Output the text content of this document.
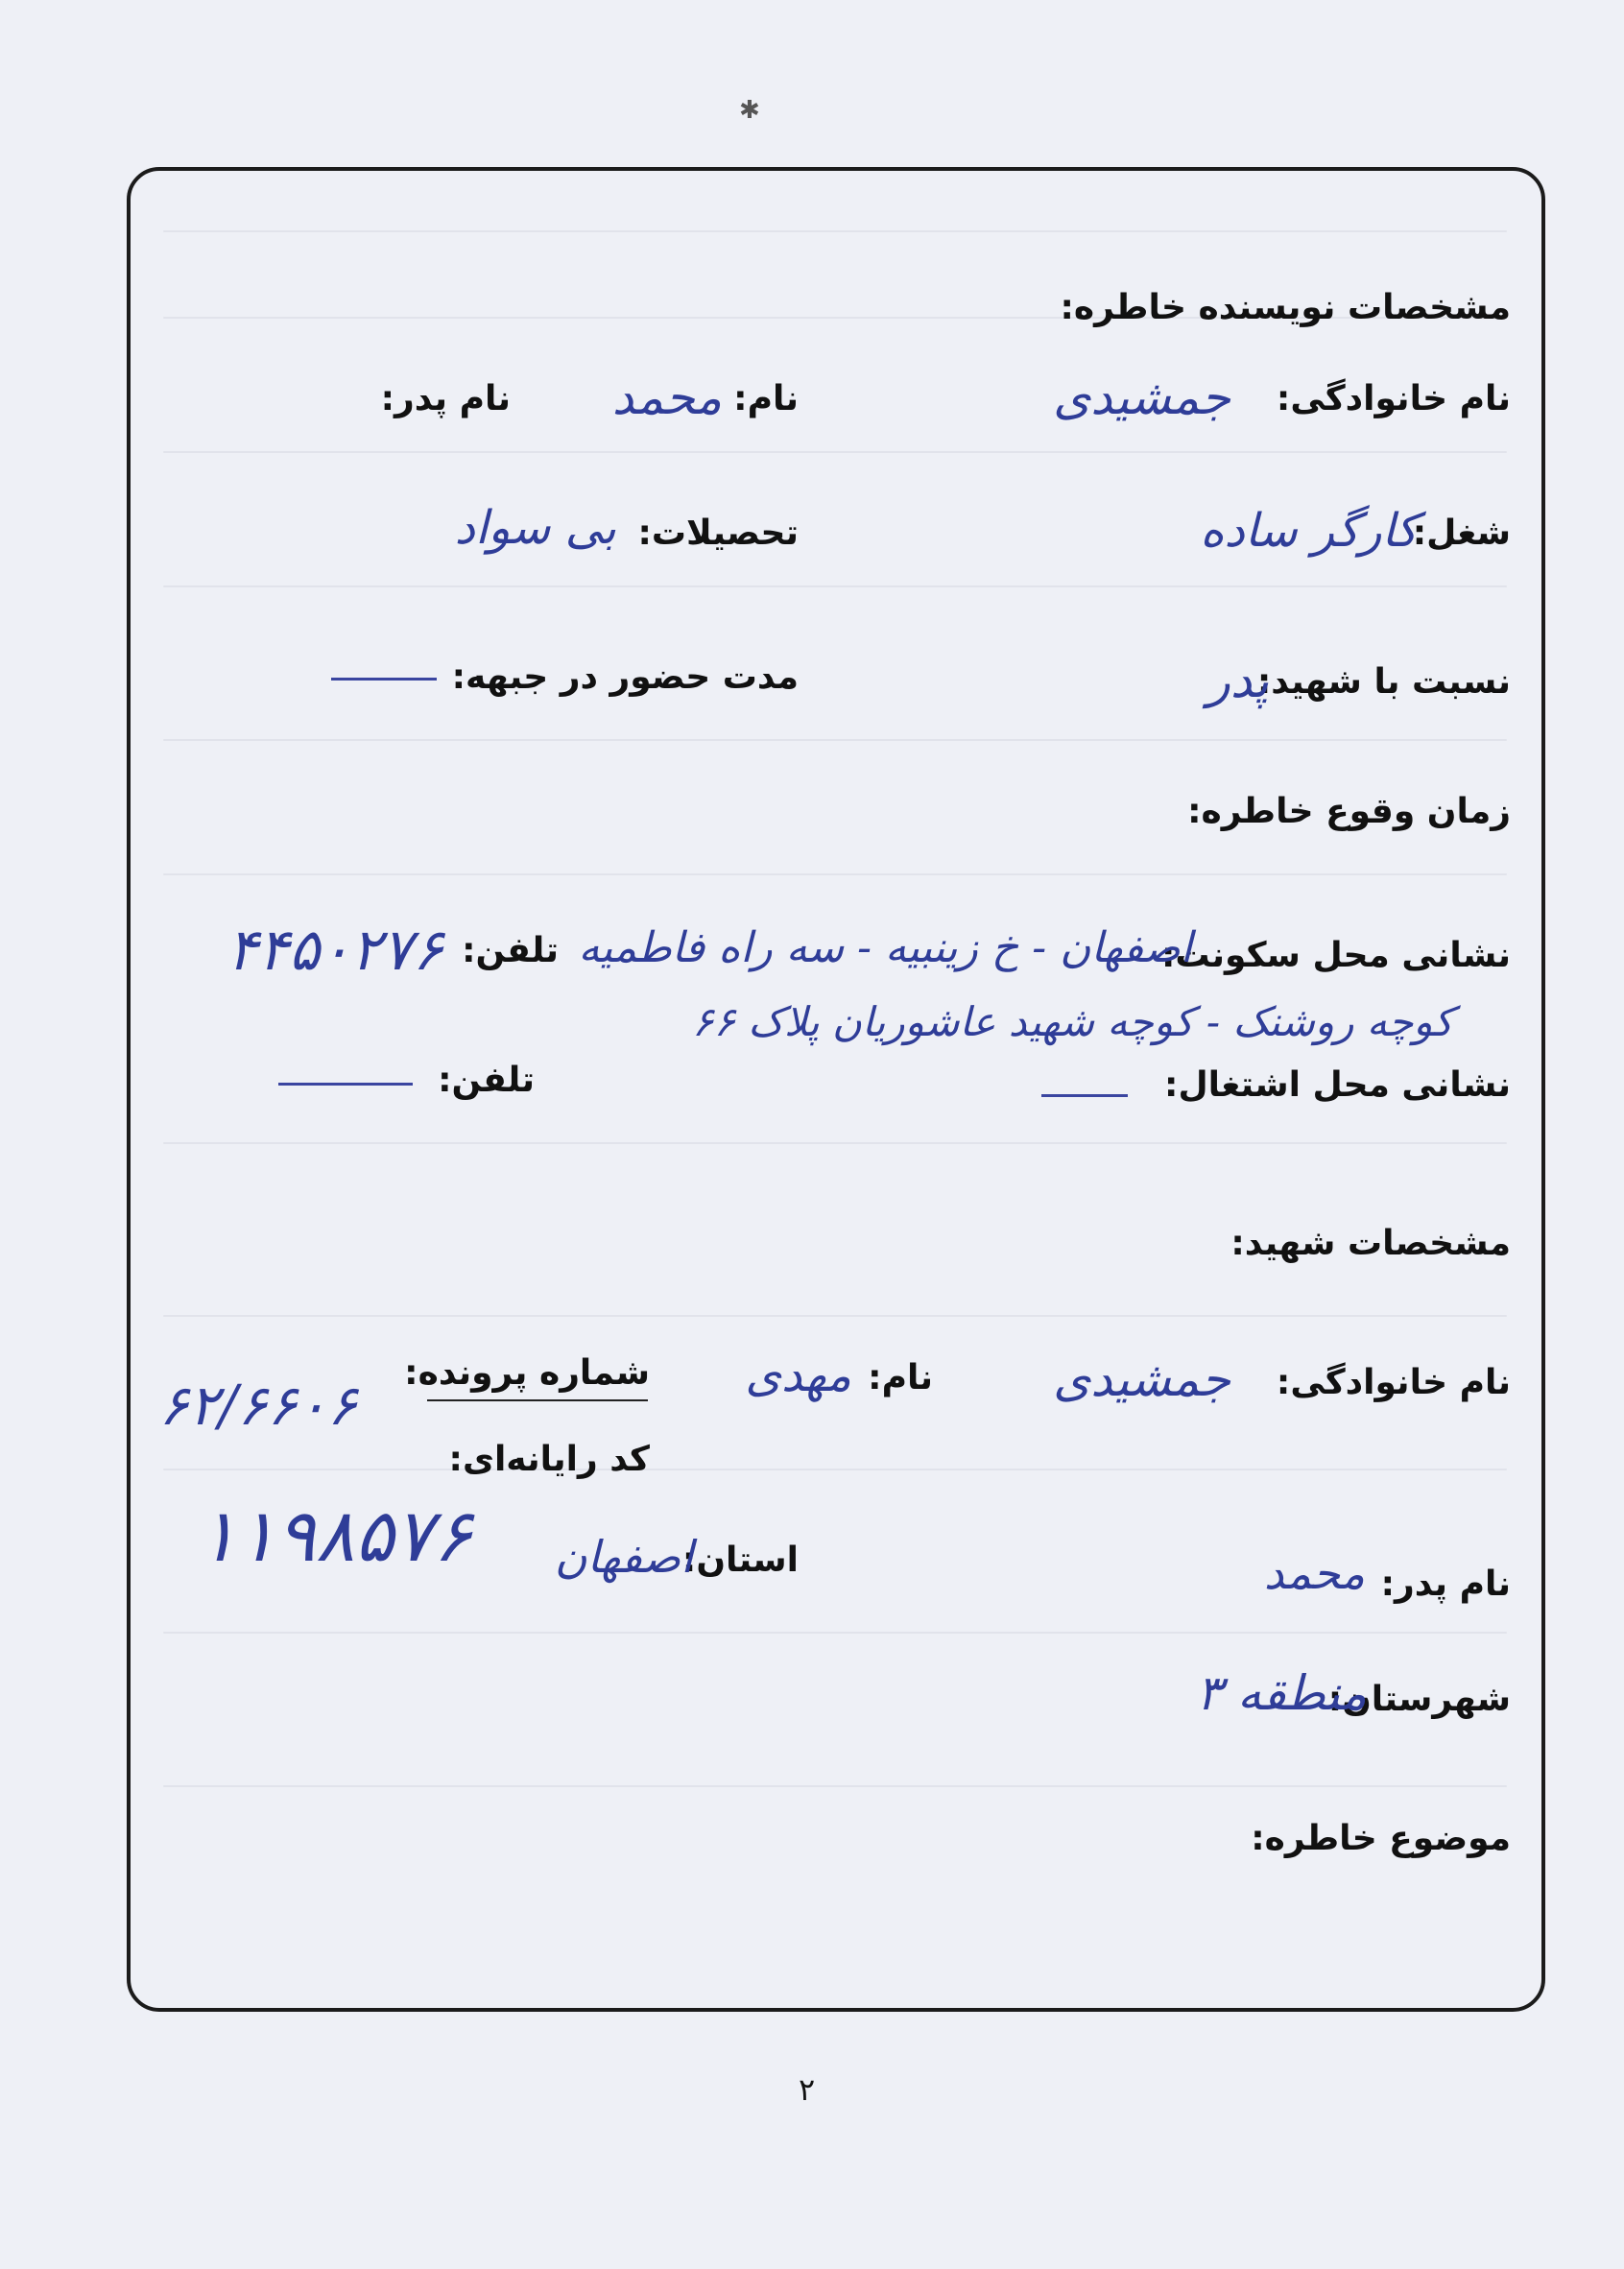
✱
مشخصات نویسنده خاطره:
نام خانوادگی:
جمشیدی
نام:
محمد
نام پدر:
شغل:
کارگر ساده
تحصیلات:
بی سواد
نسبت با شهید:
پدر
مدت حضور در جبهه:
زمان وقوع خاطره:
نشانی محل سکونت:
اصفهان - خ زینبیه - سه راه فاطمیه
تلفن:
۴۴۵۰۲۷۶
کوچه روشنک - کوچه شهید عاشوریان پلاک ۶۶
نشانی محل اشتغال:
تلفن:
مشخصات شهید:
نام خانوادگی:
جمشیدی
نام:
مهدی
شماره پرونده:
۶۲/۶۶۰۶
کد رایانه‌ای:
۱۱۹۸۵۷۶
نام پدر:
محمد
استان:
اصفهان
شهرستان:
منطقه ۳
موضوع خاطره:
۲
